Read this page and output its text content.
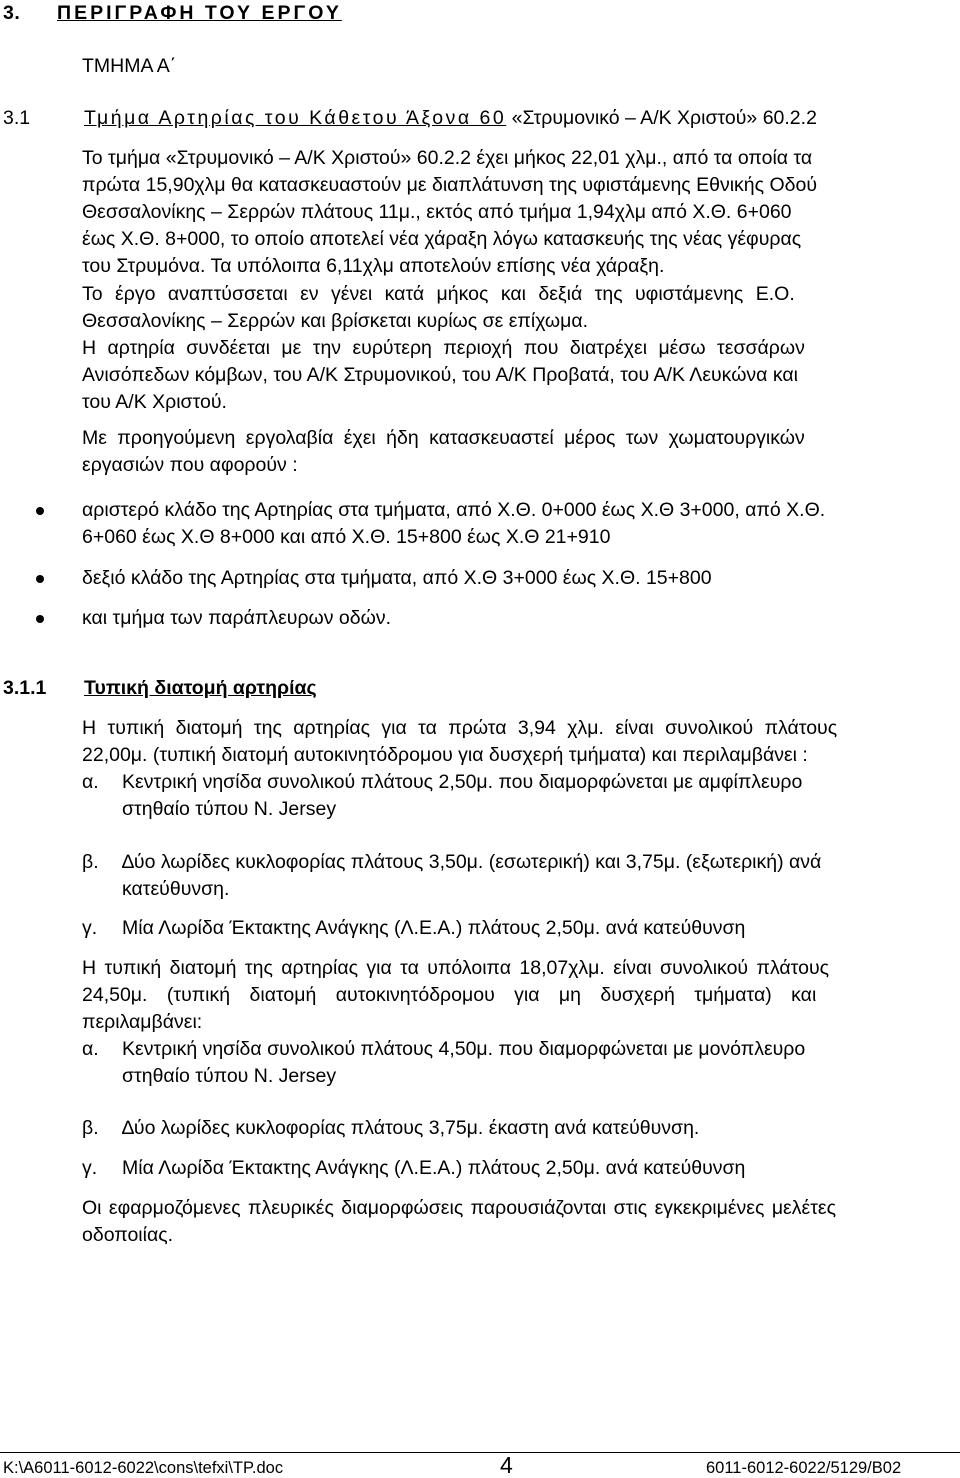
3. ΠΕΡΙΓΡΑΦΗ ΤΟΥ ΕΡΓΟΥ
ΤΜΗΜΑ Α΄
3.1	Τμήμα Αρτηρίας του Κάθετου Άξονα 60 «Στρυμονικό – Α/Κ Χριστού» 60.2.2
Το τμήμα «Στρυμονικό – Α/Κ Χριστού» 60.2.2 έχει μήκος 22,01 χλμ., από τα οποία τα
πρώτα 15,90χλμ θα κατασκευαστούν με διαπλάτυνση της υφιστάμενης Εθνικής Οδού
Θεσσαλονίκης – Σερρών πλάτους 11μ., εκτός από τμήμα 1,94χλμ από Χ.Θ. 6+060
έως Χ.Θ. 8+000, το οποίο αποτελεί νέα χάραξη λόγω κατασκευής της νέας γέφυρας
του Στρυμόνα. Τα υπόλοιπα 6,11χλμ αποτελούν επίσης νέα χάραξη.
Το έργο αναπτύσσεται εν γένει κατά μήκος και δεξιά της υφιστάμενης Ε.Ο.
Θεσσαλονίκης – Σερρών και βρίσκεται κυρίως σε επίχωμα.
Η αρτηρία συνδέεται με την ευρύτερη περιοχή που διατρέχει μέσω τεσσάρων
Ανισόπεδων κόμβων, του Α/Κ Στρυμονικού, του Α/Κ Προβατά, του Α/Κ Λευκώνα και
του Α/Κ Χριστού.
Με προηγούμενη εργολαβία έχει ήδη κατασκευαστεί μέρος των χωματουργικών
εργασιών που αφορούν :
αριστερό κλάδο της Αρτηρίας στα τμήματα, από Χ.Θ. 0+000 έως Χ.Θ 3+000, από Χ.Θ.
6+060 έως Χ.Θ 8+000 και από Χ.Θ. 15+800 έως Χ.Θ 21+910
δεξιό κλάδο της Αρτηρίας στα τμήματα, από Χ.Θ 3+000 έως Χ.Θ. 15+800
και τμήμα των παράπλευρων οδών.
3.1.1 Τυπική διατομή αρτηρίας
Η τυπική διατομή της αρτηρίας για τα πρώτα 3,94 χλμ. είναι συνολικού πλάτους
22,00μ. (τυπική διατομή αυτοκινητόδρομου για δυσχερή τμήματα) και περιλαμβάνει :
α. Κεντρική νησίδα συνολικού πλάτους 2,50μ. που διαμορφώνεται με αμφίπλευρο
στηθαίο τύπου N. Jersey
β. ∆ύο λωρίδες κυκλοφορίας πλάτους 3,50μ. (εσωτερική) και 3,75μ. (εξωτερική) ανά
κατεύθυνση.
γ. Μία Λωρίδα Έκτακτης Ανάγκης (Λ.Ε.Α.) πλάτους 2,50μ. ανά κατεύθυνση
Η τυπική διατομή της αρτηρίας για τα υπόλοιπα 18,07χλμ. είναι συνολικού πλάτους
24,50μ. (τυπική διατομή αυτοκινητόδρομου για μη δυσχερή τμήματα) και
περιλαμβάνει:
α. Κεντρική νησίδα συνολικού πλάτους 4,50μ. που διαμορφώνεται με μονόπλευρο
στηθαίο τύπου N. Jersey
β. ∆ύο λωρίδες κυκλοφορίας πλάτους 3,75μ. έκαστη ανά κατεύθυνση.
γ. Μία Λωρίδα Έκτακτης Ανάγκης (Λ.Ε.Α.) πλάτους 2,50μ. ανά κατεύθυνση
Οι εφαρμοζόμενες πλευρικές διαμορφώσεις παρουσιάζονται στις εγκεκριμένες μελέτες
οδοποιίας.
K:\A6011-6012-6022\cons\tefxi\TP.doc	4	6011-6012-6022/5129/B02
